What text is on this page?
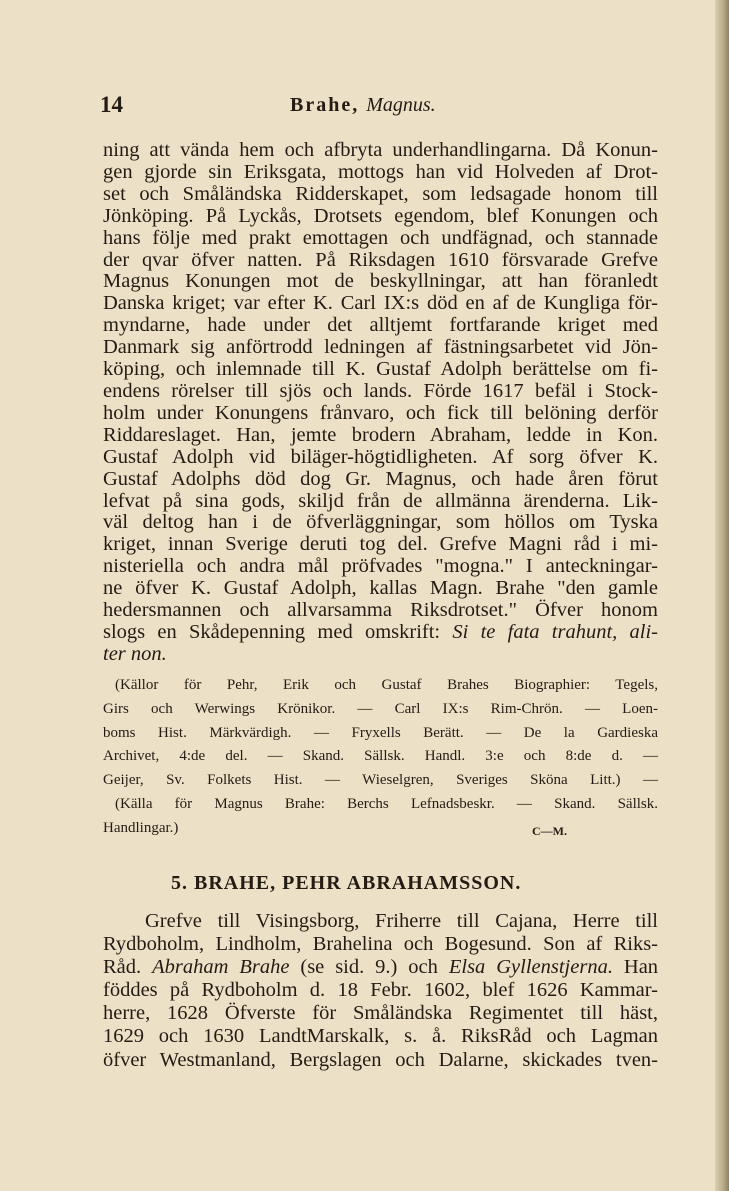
14	Brahe, Magnus.
ning att vända hem och afbryta underhandlingarna. Då Konun-
gen gjorde sin Eriksgata, mottogs han vid Holveden af Drot-
set och Småländska Ridderskapet, som ledsagade honom till
Jönköping. På Lyckås, Drotsets egendom, blef Konungen och
hans följe med prakt emottagen och undfägnad, och stannade
der qvar öfver natten. På Riksdagen 1610 försvarade Grefve
Magnus Konungen mot de beskyllningar, att han föranledt
Danska kriget; var efter K. Carl IX:s död en af de Kungliga för-
myndarne, hade under det alltjemt fortfarande kriget med
Danmark sig anförtrodd ledningen af fästningsarbetet vid Jön-
köping, och inlemnade till K. Gustaf Adolph berättelse om fi-
endens rörelser till sjös och lands. Förde 1617 befäl i Stock-
holm under Konungens frånvaro, och fick till belöning derför
Riddareslaget. Han, jemte brodern Abraham, ledde in Kon.
Gustaf Adolph vid biläger-högtidligheten. Af sorg öfver K.
Gustaf Adolphs död dog Gr. Magnus, och hade åren förut
lefvat på sina gods, skiljd från de allmänna ärenderna. Lik-
väl deltog han i de öfverläggningar, som höllos om Tyska
kriget, innan Sverige deruti tog del. Grefve Magni råd i mi-
nisteriella och andra mål pröfvades "mogna." I anteckningar-
ne öfver K. Gustaf Adolph, kallas Magn. Brahe "den gamle
hedersmannen och allvarsamma Riksdrotset." Öfver honom
slogs en Skådepenning med omskrift: Si te fata trahunt, ali-
ter non.
(Källor för Pehr, Erik och Gustaf Brahes Biographier: Tegels,
Girs och Werwings Krönikor. — Carl IX:s Rim-Chrön. — Loen-
boms Hist. Märkvärdigh. — Fryxells Berätt. — De la Gardieska
Archivet, 4:de del. — Skand. Sällsk. Handl. 3:e och 8:de d. —
Geijer, Sv. Folkets Hist. — Wieselgren, Sveriges Sköna Litt.) —
(Källa för Magnus Brahe: Berchs Lefnadsbeskr. — Skand. Sällsk.
Handlingar.)	C—M.
5. BRAHE, PEHR ABRAHAMSSON.
Grefve till Visingsborg, Friherre till Cajana, Herre till
Rydboholm, Lindholm, Brahelina och Bogesund. Son af Riks-
Råd. Abraham Brahe (se sid. 9.) och Elsa Gyllenstjerna. Han
föddes på Rydboholm d. 18 Febr. 1602, blef 1626 Kammar-
herre, 1628 Öfverste för Småländska Regimentet till häst,
1629 och 1630 LandtMarskalk, s. å. RiksRåd och Lagman
öfver Westmanland, Bergslagen och Dalarne, skickades tven-
